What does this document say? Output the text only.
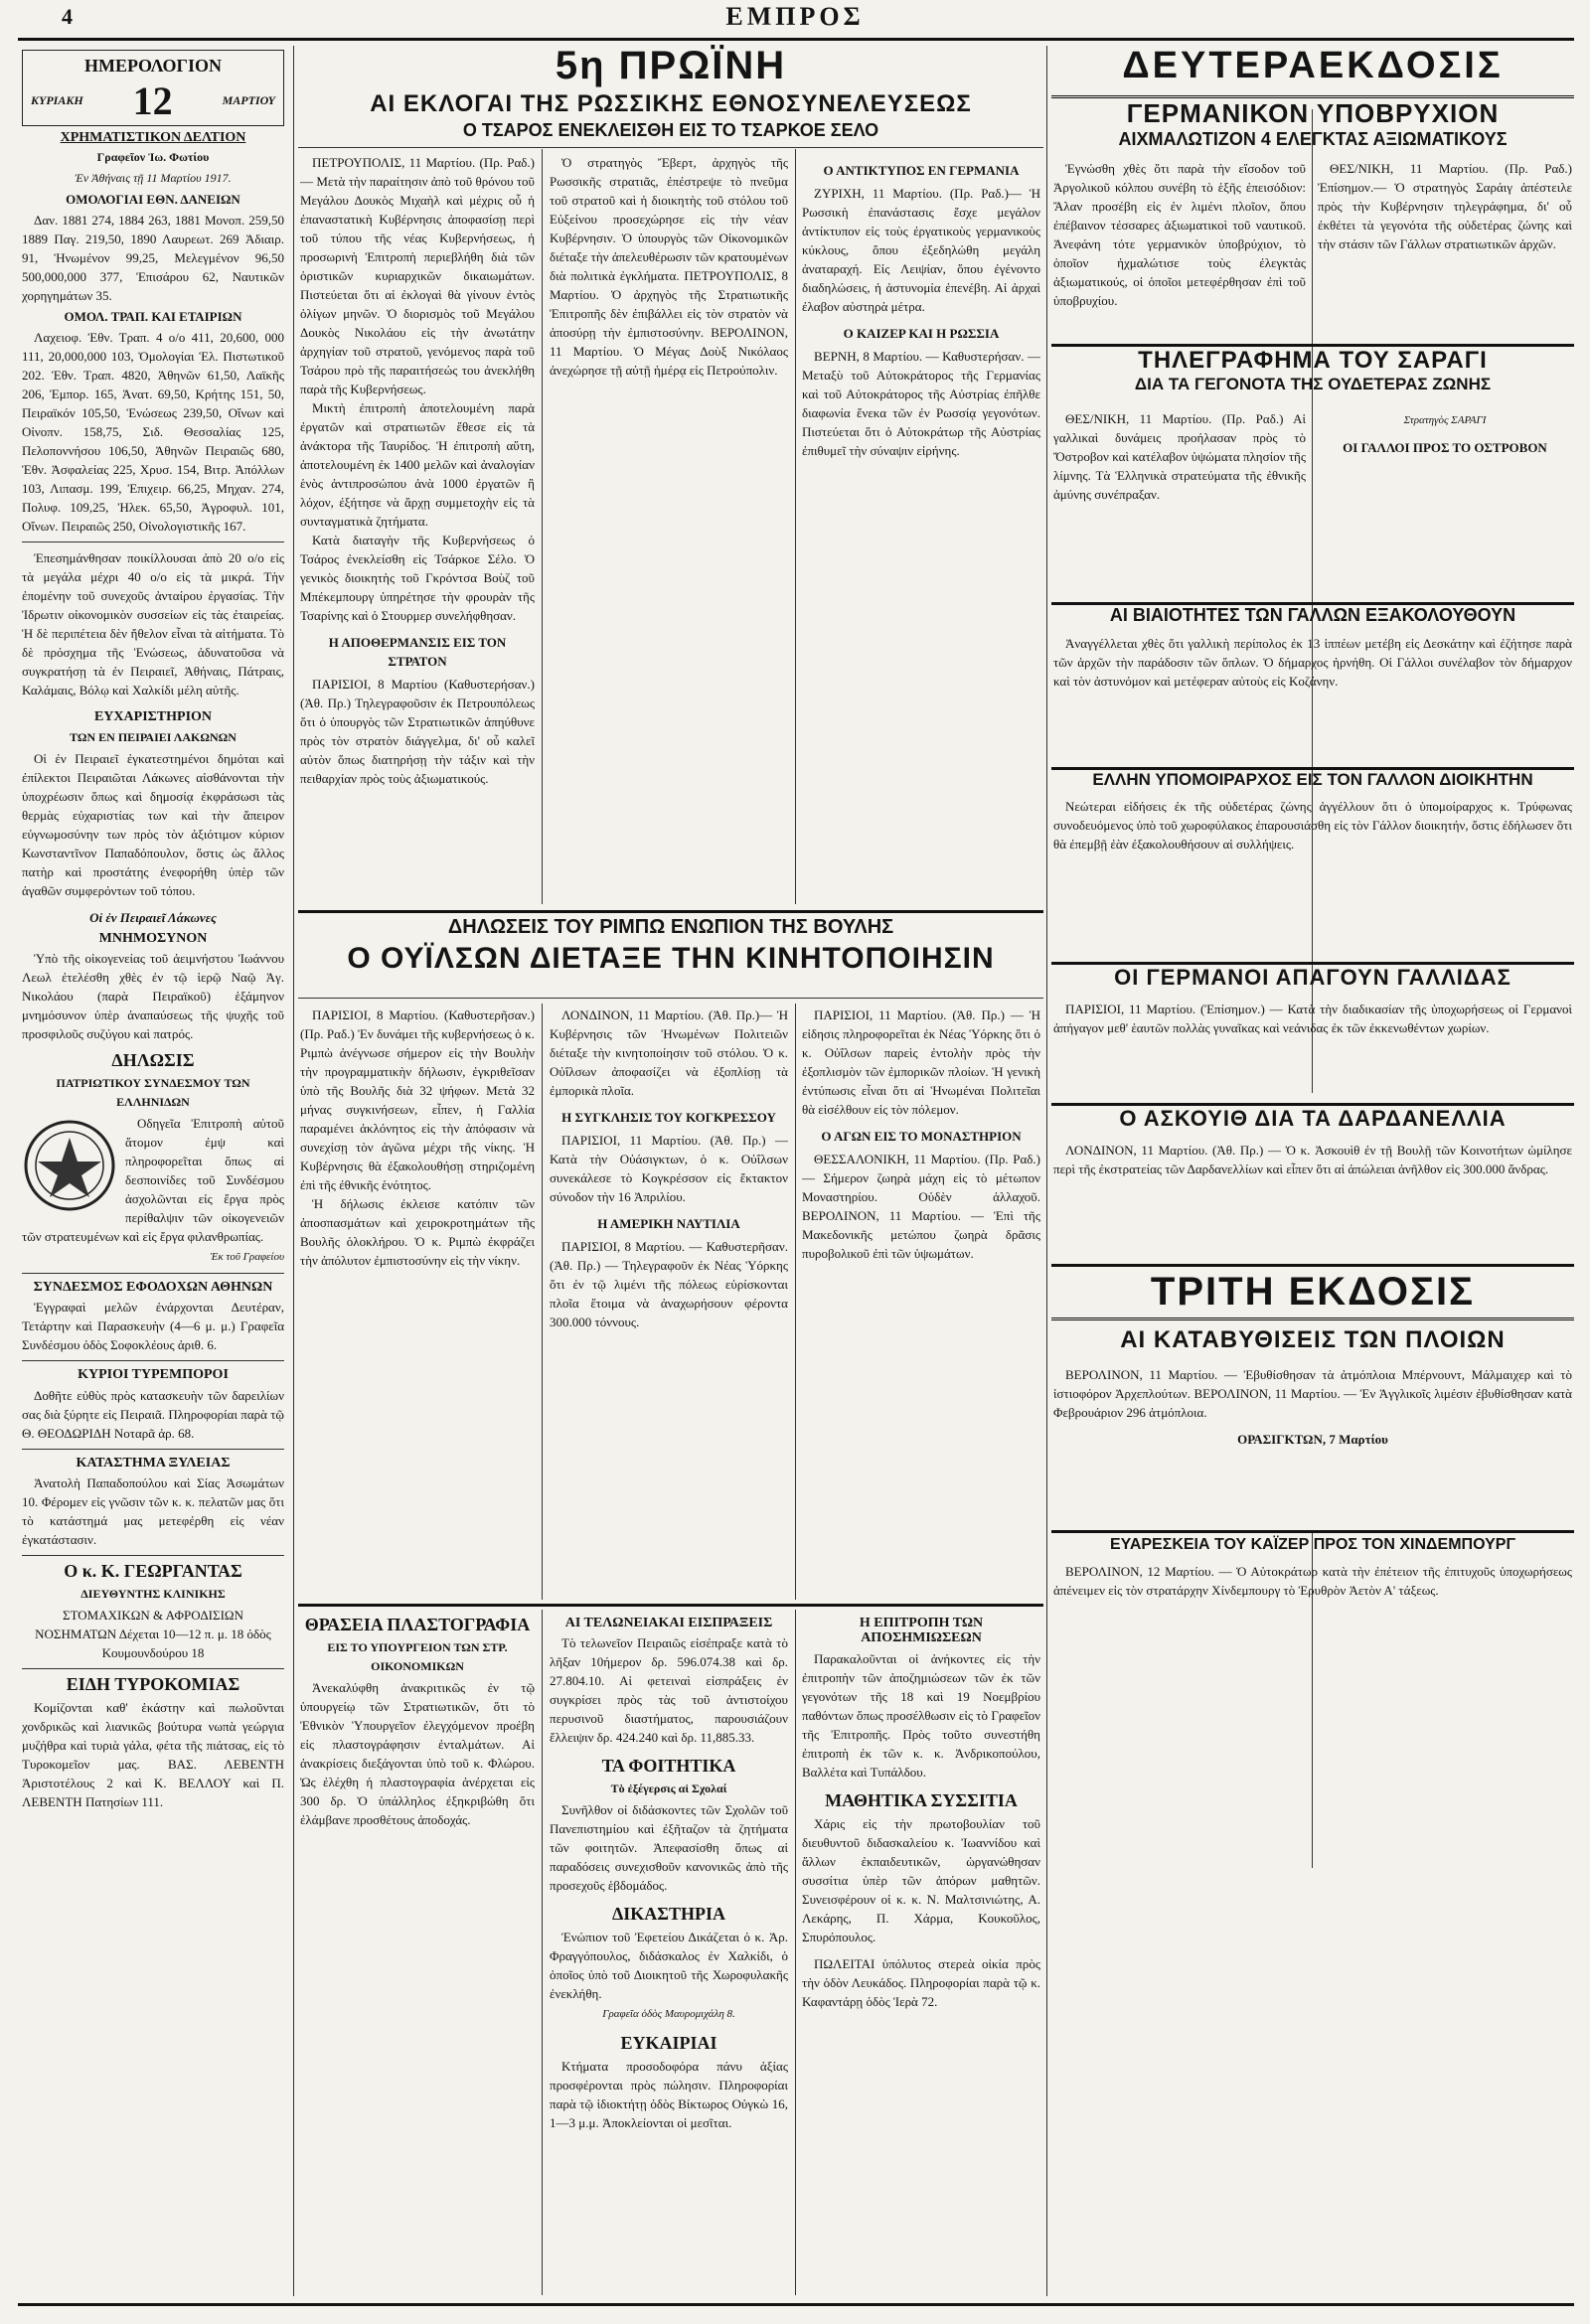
4	ΕΜΠΡΟΣ
ΗΜΕΡΟΛΟΓΙΟΝ
ΚΥΡΙΑΚΗ 12	ΜΑΡΤΙΟΥ
ΧΡΗΜΑΤΙΣΤΙΚΟΝ ΔΕΛΤΙΟΝ
Γραφεῖον Ἰω. Φωτίου
Ἐν Ἀθήναις τῇ 11 Μαρτίου 1917.
ΟΜΟΛΟΓΙΑΙ ΕΘΝ. ΔΑΝΕΙΩΝ

Δαν. 1881 274, 1884 263, 1881 Μονοπ. 259,50 1889 Παγ. 219,50, 1890 Λαυρεωτ. 269 Ἀδιαιρ. 91, Ἡνωμένον 99,25, Μελεγμένον 96,50 500,000,000 377, Ἐπισάρου 62, Ναυτικῶν χορηγημάτων 35.

ΟΜΟΛ. ΤΡΑΠ. ΚΑΙ ΕΤΑΙΡΙΩΝ

Λαχειοφ. Ἐθν. Τραπ. 4 ο/ο 411, 20,600, 000 111, 20,000,000 103, Ὁμολογίαι Ἑλ. Πιστωτικοῦ 202. Ἐθν. Τραπ. 4820, Ἀθηνῶν 61,50, Λαϊκῆς 206, Ἐμπορ. 165, Ἀνατ. 69,50, Κρήτης 151, 50, Πειραϊκόν 105,50, Ἑνώσεως 239,50, Οἴνων καὶ Οἰνοπν. 158,75, Σιδ. Θεσσαλίας 125, Πελοποννήσου 106,50, Ἀθηνῶν Πειραιῶς 680, Ἐθν. Ἀσφαλείας 225, Χρυσ. 154, Βιτρ. Ἀπόλλων 103, Λιπασμ. 199, Ἐπιχειρ. 66,25, Μηχαν. 274, Πολυφ. 109,25, Ἠλεκ. 65,50, Ἀγροφυλ. 101, Οἴνων. Πειραιῶς 250, Οἰνολογιστικῆς 167.

Ἐπεσημάνθησαν ποικίλλουσαι ἀπὸ 20 ο/ο εἰς τὰ μεγάλα μέχρι 40 ο/ο εἰς τὰ μικρά. Τὴν ἐπομένην τοῦ συνεχοῦς ἀνταίρου ἐργασίας. Τὴν Ἰδρωτιν οἰκονομικὸν συσσείων εἰς τὰς ἐταιρείας. Ἡ δὲ περιπέτεια δὲν ἤθελον εἶναι τὰ αἰτήματα. Τὸ δὲ πρόσχημα τῆς Ἑνώσεως, ἀδυνατοῦσα νὰ συγκρατήσῃ τὰ ἐν Πειραιεῖ, Ἀθήναις, Πάτραις, Καλάμαις, Βόλῳ καὶ Χαλκίδι μέλη αὐτῆς.

ΕΥΧΑΡΙΣΤΗΡΙΟΝ
ΤΩΝ ΕΝ ΠΕΙΡΑΙΕΙ ΛΑΚΩΝΩΝ

Οἱ ἐν Πειραιεῖ ἐγκατεστημένοι δημόται καὶ ἐπίλεκτοι Πειραιῶται Λάκωνες αἰσθάνονται τὴν ὑποχρέωσιν ὅπως καὶ δημοσίᾳ ἐκφράσωσι τὰς θερμὰς εὐχαριστίας των καὶ τὴν ἄπειρον εὐγνωμοσύνην των πρὸς τὸν ἀξιότιμον κύριον Κωνσταντῖνον Παπαδόπουλον, ὅστις ὡς ἄλλος πατὴρ καὶ προστάτης ἐνεφορήθη ὑπὲρ τῶν ἀγαθῶν συμφερόντων τοῦ τόπου.

Οἱ ἐν Πειραιεῖ Λάκωνες
ΜΝΗΜΟΣΥΝΟΝ

Ὑπὸ τῆς οἰκογενείας τοῦ ἀειμνήστου Ἰωάννου Λεωλ ἐτελέσθη χθὲς ἐν τῷ ἱερῷ Ναῷ Ἁγ. Νικολάου (παρὰ Πειραϊκοῦ) ἑξάμηνον μνημόσυνον ὑπὲρ ἀναπαύσεως τῆς ψυχῆς τοῦ προσφιλοῦς συζύγου καὶ πατρός.

ΔΗΛΩΣΙΣ
ΠΑΤΡΙΩΤΙΚΟΥ ΣΥΝΔΕΣΜΟΥ ΤΩΝ ΕΛΛΗΝΙΔΩΝ

Οδηγεῖα Ἐπιτροπὴ αὐτοῦ ἄτομον ἐμψ καὶ πληροφορεῖται ὅπως αἱ δεσποινίδες τοῦ Συνδέσμου ἀσχολῶνται εἰς ἔργα πρὸς περίθαλψιν τῶν οἰκογενειῶν τῶν στρατευμένων καὶ εἰς ἔργα φιλανθρωπίας.

Ἐκ τοῦ Γραφείου
ΣΥΝΔΕΣΜΟΣ ΕΦΟΔΟΧΩΝ ΑΘΗΝΩΝ

Ἐγγραφαὶ μελῶν ἐνάρχονται Δευτέραν, Τετάρτην καὶ Παρασκευὴν (4—6 μ. μ.) Γραφεῖα Συνδέσμου ὁδὸς Σοφοκλέους ἀριθ. 6.

ΚΥΡΙΟΙ ΤΥΡΕΜΠΟΡΟΙ

Δοθῆτε εὐθὺς πρὸς κατασκευὴν τῶν δαρειλίων σας διὰ ξύρητε εἰς Πειραιᾶ. Πληροφορίαι παρὰ τῷ Θ. ΘΕΟΔΩΡΙΔΗ Νοταρᾶ ἀρ. 68.

ΚΑΤΑΣΤΗΜΑ ΞΥΛΕΙΑΣ

Ἀνατολὴ Παπαδοπούλου καὶ Σίας Ἀσωμάτων 10. Φέρομεν εἰς γνῶσιν τῶν κ. κ. πελατῶν μας ὅτι τὸ κατάστημά μας μετεφέρθη εἰς νέαν ἐγκατάστασιν.

Ο κ. Κ. ΓΕΩΡΓΑΝΤΑΣ
ΔΙΕΥΘΥΝΤΗΣ ΚΛΙΝΙΚΗΣ

ΣΤΟΜΑΧΙΚΩΝ & ΑΦΡΟΔΙΣΙΩΝ ΝΟΣΗΜΑΤΩΝ Δέχεται 10—12 π. μ. 18 ὁδὸς Κουμουνδούρου 18

ΕΙΔΗ ΤΥΡΟΚΟΜΙΑΣ

Κομίζονται καθ' ἑκάστην καὶ πωλοῦνται χονδρικῶς καὶ λιανικῶς βούτυρα νωπὰ γεώργια μυζήθρα καὶ τυριὰ γάλα, φέτα τῆς πιάτσας, εἰς τὸ Τυροκομεῖον μας. ΒΑΣ. ΛΕΒΕΝΤΗ Ἀριστοτέλους 2 καὶ Κ. ΒΕΛΛΟΥ καὶ Π. ΛΕΒΕΝΤΗ Πατησίων 111.

5η ΠΡΩΪΝΗ	ΔΕΥΤΕΡΑΕΚΔΟΣΙΣ
ΑΙ ΕΚΛΟΓΑΙ ΤΗΣ ΡΩΣΣΙΚΗΣ ΕΘΝΟΣΥΝΕΛΕΥΣΕΩΣ
Ο ΤΣΑΡΟΣ ΕΝΕΚΛΕΙΣΘΗ ΕΙΣ ΤΟ ΤΣΑΡΚΟΕ ΣΕΛΟ

ΠΕΤΡΟΥΠΟΛΙΣ, 11 Μαρτίου. (Πρ. Ραδ.)— Μετὰ τὴν παραίτησιν ἀπὸ τοῦ θρόνου τοῦ Μεγάλου Δουκὸς Μιχαὴλ καὶ μέχρις οὗ ἡ ἐπαναστατικὴ Κυβέρνησις ἀποφασίσῃ περὶ τοῦ τύπου τῆς νέας Κυβερνήσεως, ἡ προσωρινὴ Ἐπιτροπὴ περιεβλήθη διὰ τῶν ὁριστικῶν κυριαρχικῶν δικαιωμάτων. Πιστεύεται ὅτι αἱ ἐκλογαὶ θὰ γίνουν ἐντὸς ὀλίγων μηνῶν. Ὁ διορισμὸς τοῦ Μεγάλου Δουκὸς Νικολάου εἰς τὴν ἀνωτάτην ἀρχηγίαν τοῦ στρατοῦ, γενόμενος παρὰ τοῦ Τσάρου πρὸ τῆς παραιτήσεώς του ἀνεκλήθη παρὰ τῆς Κυβερνήσεως.

Μικτὴ ἐπιτροπὴ ἀποτελουμένη παρὰ ἐργατῶν καὶ στρατιωτῶν ἔθεσε εἰς τὰ ἀνάκτορα τῆς Ταυρίδος. Ἡ ἐπιτροπὴ αὕτη, ἀποτελουμένη ἐκ 1400 μελῶν καὶ ἀναλογίαν ἑνὸς ἀντιπροσώπου ἀνὰ 1000 ἐργατῶν ἢ λόχον, ἐξήτησε νὰ ἄρχῃ συμμετοχὴν εἰς τὰ συνταγματικὰ ζητήματα.

Κατὰ διαταγὴν τῆς Κυβερνήσεως ὁ Τσάρος ἐνεκλείσθη εἰς Τσάρκοε Σέλο. Ὁ γενικὸς διοικητὴς τοῦ Γκρόντσα Βοὺζ τοῦ Μπέκεμπουργ ὑπηρέτησε τὴν φρουρὰν τῆς Τσαρίνης καὶ ὁ Στουρμερ συνελήφθησαν.

Η ΑΠΟΘΕΡΜΑΝΣΙΣ ΕΙΣ ΤΟΝ ΣΤΡΑΤΟΝ

ΠΑΡΙΣΙΟΙ, 8 Μαρτίου (Καθυστερήσαν.) (Ἀθ. Πρ.) Τηλεγραφοῦσιν ἐκ Πετρουπόλεως ὅτι ὁ ὑπουργὸς τῶν Στρατιωτικῶν ἀπηύθυνε πρὸς τὸν στρατὸν διάγγελμα, δι' οὗ καλεῖ αὐτὸν ὅπως διατηρήσῃ τὴν τάξιν καὶ τὴν πειθαρχίαν πρὸς τοὺς ἀξιωματικούς.

Ὁ στρατηγὸς Ἔβερτ, ἀρχηγὸς τῆς Ρωσσικῆς στρατιᾶς, ἐπέστρεψε τὸ πνεῦμα τοῦ στρατοῦ καὶ ἡ διοικητὴς τοῦ στόλου τοῦ Εὐξείνου προσεχώρησε εἰς τὴν νέαν Κυβέρνησιν. Ὁ ὑπουργὸς τῶν Οἰκονομικῶν διέταξε τὴν ἀπελευθέρωσιν τῶν κρατουμένων διὰ πολιτικὰ ἐγκλήματα. ΠΕΤΡΟΥΠΟΛΙΣ, 8 Μαρτίου. Ὁ ἀρχηγὸς τῆς Στρατιωτικῆς Ἐπιτροπῆς δὲν ἐπιβάλλει εἰς τὸν στρατὸν νὰ ἀποσύρῃ τὴν ἐμπιστοσύνην. ΒΕΡΟΛΙΝΟΝ, 11 Μαρτίου. Ὁ Μέγας Δοὺξ Νικόλαος ἀνεχώρησε τῇ αὐτῇ ἡμέρᾳ εἰς Πετρούπολιν.

Ο ΑΝΤΙΚΤΥΠΟΣ ΕΝ ΓΕΡΜΑΝΙΑ

ΖΥΡΙΧΗ, 11 Μαρτίου. (Πρ. Ραδ.)— Ἡ Ρωσσικὴ ἐπανάστασις ἔσχε μεγάλον ἀντίκτυπον εἰς τοὺς ἐργατικοὺς γερμανικοὺς κύκλους, ὅπου ἐξεδηλώθη μεγάλη ἀναταραχή. Εἰς Λειψίαν, ὅπου ἐγένοντο διαδηλώσεις, ἡ ἀστυνομία ἐπενέβη. Αἱ ἀρχαὶ ἐλαβον αὐστηρὰ μέτρα.

Ο ΚΑΙΖΕΡ ΚΑΙ Η ΡΩΣΣΙΑ

ΒΕΡΝΗ, 8 Μαρτίου. — Καθυστερήσαν. — Μεταξὺ τοῦ Αὐτοκράτορος τῆς Γερμανίας καὶ τοῦ Αὐτοκράτορος τῆς Αὐστρίας ἐπῆλθε διαφωνία ἕνεκα τῶν ἐν Ρωσσίᾳ γεγονότων. Πιστεύεται ὅτι ὁ Αὐτοκράτωρ τῆς Αὐστρίας ἐπιθυμεῖ τὴν σύναψιν εἰρήνης.

ΔΗΛΩΣΕΙΣ ΤΟΥ ΡΙΜΠΩ ΕΝΩΠΙΟΝ ΤΗΣ ΒΟΥΛΗΣ
Ο ΟΥΪΛΣΩΝ ΔΙΕΤΑΞΕ ΤΗΝ ΚΙΝΗΤΟΠΟΙΗΣΙΝ

ΠΑΡΙΣΙΟΙ, 8 Μαρτίου. (Καθυστερῆσαν.) (Πρ. Ραδ.) Ἐν δυνάμει τῆς κυβερνήσεως ὁ κ. Ριμπὼ ἀνέγνωσε σήμερον εἰς τὴν Βουλὴν τὴν προγραμματικὴν δήλωσιν, ἐγκριθεῖσαν ὑπὸ τῆς Βουλῆς διὰ 32 ψήφων. Μετὰ 32 μήνας συγκινήσεων, εἶπεν, ἡ Γαλλία παραμένει ἀκλόνητος εἰς τὴν ἀπόφασιν νὰ συνεχίσῃ τὸν ἀγῶνα μέχρι τῆς νίκης. Ἡ Κυβέρνησις θὰ ἐξακολουθήσῃ στηριζομένη ἐπὶ τῆς ἐθνικῆς ἑνότητος.

Ἡ δήλωσις ἐκλεισε κατόπιν τῶν ἀποσπασμάτων καὶ χειροκροτημάτων τῆς Βουλῆς ὁλοκλήρου. Ὁ κ. Ριμπὼ ἐκφράζει τὴν ἀπόλυτον ἐμπιστοσύνην εἰς τὴν νίκην.

ΛΟΝΔΙΝΟΝ, 11 Μαρτίου. (Ἀθ. Πρ.)— Ἡ Κυβέρνησις τῶν Ἡνωμένων Πολιτειῶν διέταξε τὴν κινητοποίησιν τοῦ στόλου. Ὁ κ. Οὐΐλσων ἀποφασίζει νὰ ἐξοπλίσῃ τὰ ἐμπορικὰ πλοῖα.

Η ΣΥΓΚΛΗΣΙΣ ΤΟΥ ΚΟΓΚΡΕΣΣΟΥ

ΠΑΡΙΣΙΟΙ, 11 Μαρτίου. (Ἀθ. Πρ.) — Κατὰ τὴν Οὐάσιγκτων, ὁ κ. Οὐΐλσων συνεκάλεσε τὸ Κογκρέσσον εἰς ἔκτακτον σύνοδον τὴν 16 Ἀπριλίου.

Η ΑΜΕΡΙΚΗ ΝΑΥΤΙΛΙΑ

ΠΑΡΙΣΙΟΙ, 8 Μαρτίου. — Καθυστερῆσαν. (Ἀθ. Πρ.) — Τηλεγραφοῦν ἐκ Νέας Ὑόρκης ὅτι ἐν τῷ λιμένι τῆς πόλεως εὑρίσκονται πλοῖα ἕτοιμα νὰ ἀναχωρήσουν φέροντα 300.000 τόννους.

ΠΑΡΙΣΙΟΙ, 11 Μαρτίου. (Ἀθ. Πρ.) — Ἡ εἰδησις πληροφορεῖται ἐκ Νέας Ὑόρκης ὅτι ὁ κ. Οὐΐλσων παρεὶς ἐντολὴν πρὸς τὴν ἐξοπλισμὸν τῶν ἐμπορικῶν πλοίων. Ἡ γενικὴ ἐντύπωσις εἶναι ὅτι αἱ Ἡνωμέναι Πολιτεῖαι θὰ εἰσέλθουν εἰς τὸν πόλεμον.

Ο ΑΓΩΝ ΕΙΣ ΤΟ ΜΟΝΑΣΤΗΡΙΟΝ

ΘΕΣΣΑΛΟΝΙΚΗ, 11 Μαρτίου. (Πρ. Ραδ.) — Σήμερον ζωηρὰ μάχη εἰς τὸ μέτωπον Μοναστηρίου. Οὐδὲν ἀλλαχοῦ. ΒΕΡΟΛΙΝΟΝ, 11 Μαρτίου. — Ἐπὶ τῆς Μακεδονικῆς μετώπου ζωηρὰ δρᾶσις πυροβολικοῦ ἐπὶ τῶν ὑψωμάτων.

ΘΡΑΣΕΙΑ ΠΛΑΣΤΟΓΡΑΦΙΑ
ΕΙΣ ΤΟ ΥΠΟΥΡΓΕΙΟΝ ΤΩΝ ΣΤΡ. ΟΙΚΟΝΟΜΙΚΩΝ

Ἀνεκαλύφθη ἀνακριτικῶς ἐν τῷ ὑπουργείῳ τῶν Στρατιωτικῶν, ὅτι τὸ Ἐθνικὸν Ὑπουργεῖον ἐλεγχόμενον προέβη εἰς πλαστογράφησιν ἐνταλμάτων. Αἱ ἀνακρίσεις διεξάγονται ὑπὸ τοῦ κ. Φλώρου. Ὡς ἐλέχθη ἡ πλαστογραφία ἀνέρχεται εἰς 300 δρ. Ὁ ὑπάλληλος ἐξηκριβώθη ὅτι ἐλάμβανε προσθέτους ἀποδοχάς.

ΑΙ ΤΕΛΩΝΕΙΑΚΑΙ ΕΙΣΠΡΑΞΕΙΣ

Τὸ τελωνεῖον Πειραιῶς εἰσέπραξε κατὰ τὸ λῆξαν 10ήμερον δρ. 596.074.38 καὶ δρ. 27.804.10. Αἱ φετειναὶ εἰσπράξεις ἐν συγκρίσει πρὸς τὰς τοῦ ἀντιστοίχου περυσινοῦ διαστήματος, παρουσιάζουν ἔλλειψιν δρ. 424.240 καὶ δρ. 11,885.33.

ΤΑ ΦΟΙΤΗΤΙΚΑ
Τὸ ἐξέγερσις αἱ Σχολαί

Συνῆλθον οἱ διδάσκοντες τῶν Σχολῶν τοῦ Πανεπιστημίου καὶ ἐξῆταζον τὰ ζητήματα τῶν φοιτητῶν. Ἀπεφασίσθη ὅπως αἱ παραδόσεις συνεχισθοῦν κανονικῶς ἀπὸ τῆς προσεχοῦς ἑβδομάδος.

ΔΙΚΑΣΤΗΡΙΑ

Ἐνώπιον τοῦ Ἐφετείου Δικάζεται ὁ κ. Ἀρ. Φραγγόπουλος, διδάσκαλος ἐν Χαλκίδι, ὁ ὁποῖος ὑπὸ τοῦ Διοικητοῦ τῆς Χωροφυλακῆς ἐνεκλήθη.

Γραφεῖα ὁδὸς Μαυρομιχάλη 8.
ΕΥΚΑΙΡΙΑΙ

Κτήματα προσοδοφόρα πάνυ ἀξίας προσφέρονται πρὸς πώλησιν. Πληροφορίαι παρὰ τῷ ἱδιοκτήτῃ ὁδὸς Βίκτωρος Οὐγκὼ 16, 1—3 μ.μ. Ἀποκλείονται οἱ μεσῖται.

Η ΕΠΙΤΡΟΠΗ ΤΩΝ ΑΠΟΣΗΜΙΩΣΕΩΝ

Παρακαλοῦνται οἱ ἀνήκοντες εἰς τὴν ἐπιτροπὴν τῶν ἀποζημιώσεων τῶν ἐκ τῶν γεγονότων τῆς 18 καὶ 19 Νοεμβρίου παθόντων ὅπως προσέλθωσιν εἰς τὸ Γραφεῖον τῆς Ἐπιτροπῆς. Πρὸς τοῦτο συνεστήθη ἐπιτροπὴ ἐκ τῶν κ. κ. Ἀνδρικοπούλου, Βαλλέτα καὶ Τυπάλδου.

ΜΑΘΗΤΙΚΑ ΣΥΣΣΙΤΙΑ

Χάρις εἰς τὴν πρωτοβουλίαν τοῦ διευθυντοῦ διδασκαλείου κ. Ἰωαννίδου καὶ ἄλλων ἐκπαιδευτικῶν, ὠργανώθησαν συσσίτια ὑπὲρ τῶν ἀπόρων μαθητῶν. Συνεισφέρουν οἱ κ. κ. Ν. Μαλτσινιώτης, Α. Λεκάρης, Π. Χάρμα, Κουκοῦλος, Σπυρόπουλος.

ΠΩΛΕΙΤΑΙ ὑπόλυτος στερεὰ οἰκία πρὸς τὴν ὁδὸν Λευκάδος. Πληροφορίαι παρὰ τῷ κ. Καφαντάρῃ ὁδὸς Ἱερὰ 72.

ΓΕΡΜΑΝΙΚΟΝ ΥΠΟΒΡΥΧΙΟΝ
ΑΙΧΜΑΛΩΤΙΖΟΝ 4 ΕΛΕΓΚΤΑΣ ΑΞΙΩΜΑΤΙΚΟΥΣ

Ἐγνώσθη χθὲς ὅτι παρὰ τὴν εἴσοδον τοῦ Ἀργολικοῦ κόλπου συνέβη τὸ ἑξῆς ἐπεισόδιον: Ἄλαν προσέβη εἰς ἐν λιμένι πλοῖον, ὅπου ἐπέβαινον τέσσαρες ἀξιωματικοὶ τοῦ ναυτικοῦ. Ἀνεφάνη τότε γερμανικὸν ὑποβρύχιον, τὸ ὁποῖον ἠχμαλώτισε τοὺς ἐλεγκτὰς ἀξιωματικούς, οἱ ὁποῖοι μετεφέρθησαν ἐπὶ τοῦ ὑποβρυχίου.

ΘΕΣ/ΝΙΚΗ, 11 Μαρτίου. (Πρ. Ραδ.) Ἐπίσημον.— Ὁ στρατηγὸς Σαράιγ ἀπέστειλε πρὸς τὴν Κυβέρνησιν τηλεγράφημα, δι' οὗ ἐκθέτει τὰ γεγονότα τῆς οὐδετέρας ζώνης καὶ τὴν στάσιν τῶν Γάλλων στρατιωτικῶν ἀρχῶν.

ΤΗΛΕΓΡΑΦΗΜΑ ΤΟΥ ΣΑΡΑΓΙ
ΔΙΑ ΤΑ ΓΕΓΟΝΟΤΑ ΤΗΣ ΟΥΔΕΤΕΡΑΣ ΖΩΝΗΣ

ΘΕΣ/ΝΙΚΗ, 11 Μαρτίου. (Πρ. Ραδ.) Αἱ γαλλικαὶ δυνάμεις προήλασαν πρὸς τὸ Ὄστροβον καὶ κατέλαβον ὑψώματα πλησίον τῆς λίμνης. Τὰ Ἑλληνικὰ στρατεύματα τῆς ἐθνικῆς ἀμύνης συνέπραξαν.

Στρατηγὸς ΣΑΡΑΓΙ
ΟΙ ΓΑΛΛΟΙ ΠΡΟΣ ΤΟ ΟΣΤΡΟΒΟΝ
ΑΙ ΒΙΑΙΟΤΗΤΕΣ ΤΩΝ ΓΑΛΛΩΝ ΕΞΑΚΟΛΟΥΘΟΥΝ

Ἀναγγέλλεται χθὲς ὅτι γαλλικὴ περίπολος ἐκ 13 ἱππέων μετέβη εἰς Δεσκάτην καὶ ἐζήτησε παρὰ τῶν ἀρχῶν τὴν παράδοσιν τῶν ὅπλων. Ὁ δήμαρχος ἠρνήθη. Οἱ Γάλλοι συνέλαβον τὸν δήμαρχον καὶ τὸν ἀστυνόμον καὶ μετέφεραν αὐτοὺς εἰς Κοζάνην.

ΕΛΛΗΝ ΥΠΟΜΟΙΡΑΡΧΟΣ ΕΙΣ ΤΟΝ ΓΑΛΛΟΝ ΔΙΟΙΚΗΤΗΝ

Νεώτεραι εἰδήσεις ἐκ τῆς οὐδετέρας ζώνης ἀγγέλλουν ὅτι ὁ ὑπομοίραρχος κ. Τρύφωνας συνοδευόμενος ὑπὸ τοῦ χωροφύλακος ἐπαρουσιάσθη εἰς τὸν Γάλλον διοικητήν, ὅστις ἐδήλωσεν ὅτι θὰ ἐπεμβῇ ἐὰν ἐξακολουθήσουν αἱ συλλήψεις.

ΟΙ ΓΕΡΜΑΝΟΙ ΑΠΑΓΟΥΝ ΓΑΛΛΙΔΑΣ

ΠΑΡΙΣΙΟΙ, 11 Μαρτίου. (Ἐπίσημον.) — Κατὰ τὴν διαδικασίαν τῆς ὑποχωρήσεως οἱ Γερμανοὶ ἀπήγαγον μεθ' ἑαυτῶν πολλὰς γυναῖκας καὶ νεάνιδας ἐκ τῶν ἐκκενωθέντων χωρίων.

Ο ΑΣΚΟΥΙΘ ΔΙΑ ΤΑ ΔΑΡΔΑΝΕΛΛΙΑ

ΛΟΝΔΙΝΟΝ, 11 Μαρτίου. (Ἀθ. Πρ.) — Ὁ κ. Ἀσκουὶθ ἐν τῇ Βουλῇ τῶν Κοινοτήτων ὡμίλησε περὶ τῆς ἐκστρατείας τῶν Δαρδανελλίων καὶ εἶπεν ὅτι αἱ ἀπώλειαι ἀνῆλθον εἰς 300.000 ἄνδρας.

ΤΡΙΤΗ ΕΚΔΟΣΙΣ
ΑΙ ΚΑΤΑΒΥΘΙΣΕΙΣ ΤΩΝ ΠΛΟΙΩΝ

ΒΕΡΟΛΙΝΟΝ, 11 Μαρτίου. — Ἐβυθίσθησαν τὰ ἀτμόπλοια Μπέρνουντ, Μάλμαιχερ καὶ τὸ ἱστιοφόρον Ἀρχεπλούτων. ΒΕΡΟΛΙΝΟΝ, 11 Μαρτίου. — Ἐν Ἀγγλικοῖς λιμέσιν ἐβυθίσθησαν κατὰ Φεβρουάριον 296 ἀτμόπλοια.

ΟΡΑΣΙΓΚΤΩΝ, 7 Μαρτίου
ΕΥΑΡΕΣΚΕΙΑ ΤΟΥ ΚΑΪΖΕΡ ΠΡΟΣ ΤΟΝ ΧΙΝΔΕΜΠΟΥΡΓ

ΒΕΡΟΛΙΝΟΝ, 12 Μαρτίου. — Ὁ Αὐτοκράτωρ κατὰ τὴν ἐπέτειον τῆς ἐπιτυχοῦς ὑποχωρήσεως ἀπένειμεν εἰς τὸν στρατάρχην Χίνδεμπουργ τὸ Ἐρυθρὸν Ἀετὸν Α' τάξεως.
